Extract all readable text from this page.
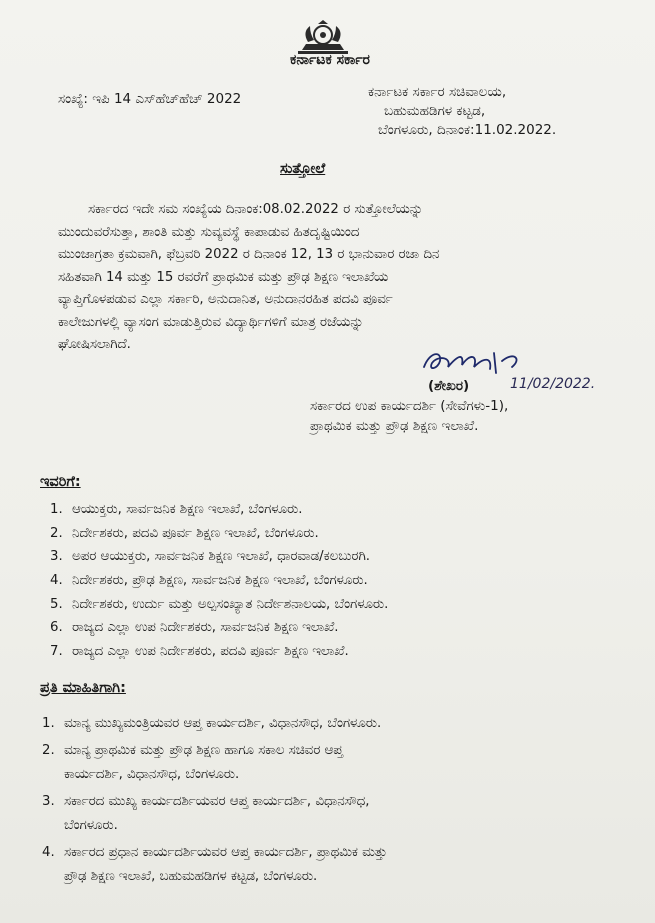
ಕರ್ನಾಟಕ ಸರ್ಕಾರ
ಸಂಖ್ಯೆ: ಇಪಿ 14 ಎಸ್‌ಹೆಚ್‌ಹೆಚ್ 2022	ಕರ್ನಾಟಕ ಸರ್ಕಾರ ಸಚಿವಾಲಯ,
ಬಹುಮಹಡಿಗಳ ಕಟ್ಟಡ,
ಬೆಂಗಳೂರು, ದಿನಾಂಕ:11.02.2022.
ಸುತ್ತೋಲೆ
ಸರ್ಕಾರದ ಇದೇ ಸಮ ಸಂಖ್ಯೆಯ ದಿನಾಂಕ:08.02.2022 ರ ಸುತ್ತೋಲೆಯನ್ನು
ಮುಂದುವರೆಸುತ್ತಾ, ಶಾಂತಿ ಮತ್ತು ಸುವ್ಯವಸ್ಥೆ ಕಾಪಾಡುವ ಹಿತದೃಷ್ಟಿಯಿಂದ
ಮುಂಜಾಗ್ರತಾ ಕ್ರಮವಾಗಿ, ಫೆಬ್ರವರಿ 2022 ರ ದಿನಾಂಕ 12, 13 ರ ಭಾನುವಾರ ರಜಾ ದಿನ
ಸಹಿತವಾಗಿ 14 ಮತ್ತು 15 ರವರೆಗೆ ಪ್ರಾಥಮಿಕ ಮತ್ತು ಪ್ರೌಢ ಶಿಕ್ಷಣ ಇಲಾಖೆಯ
ವ್ಯಾಪ್ತಿಗೊಳಪಡುವ ಎಲ್ಲಾ ಸರ್ಕಾರಿ, ಅನುದಾನಿತ, ಅನುದಾನರಹಿತ ಪದವಿ ಪೂರ್ವ
ಕಾಲೇಜುಗಳಲ್ಲಿ ವ್ಯಾಸಂಗ ಮಾಡುತ್ತಿರುವ ವಿದ್ಯಾರ್ಥಿಗಳಿಗೆ ಮಾತ್ರ ರಜೆಯನ್ನು
ಘೋಷಿಸಲಾಗಿದೆ.
11/02/2022.
(ಶೇಖರ)
ಸರ್ಕಾರದ ಉಪ ಕಾರ್ಯದರ್ಶಿ (ಸೇವೆಗಳು-1),
ಪ್ರಾಥಮಿಕ ಮತ್ತು ಪ್ರೌಢ ಶಿಕ್ಷಣ ಇಲಾಖೆ.
ಇವರಿಗೆ:
1. ಆಯುಕ್ತರು, ಸಾರ್ವಜನಿಕ ಶಿಕ್ಷಣ ಇಲಾಖೆ, ಬೆಂಗಳೂರು.
2. ನಿರ್ದೇಶಕರು, ಪದವಿ ಪೂರ್ವ ಶಿಕ್ಷಣ ಇಲಾಖೆ, ಬೆಂಗಳೂರು.
3. ಅಪರ ಆಯುಕ್ತರು, ಸಾರ್ವಜನಿಕ ಶಿಕ್ಷಣ ಇಲಾಖೆ, ಧಾರವಾಡ/ಕಲಬುರಗಿ.
4. ನಿರ್ದೇಶಕರು, ಪ್ರೌಢ ಶಿಕ್ಷಣ, ಸಾರ್ವಜನಿಕ ಶಿಕ್ಷಣ ಇಲಾಖೆ, ಬೆಂಗಳೂರು.
5. ನಿರ್ದೇಶಕರು, ಉರ್ದು ಮತ್ತು ಅಲ್ಪಸಂಖ್ಯಾತ ನಿರ್ದೇಶನಾಲಯ, ಬೆಂಗಳೂರು.
6. ರಾಜ್ಯದ ಎಲ್ಲಾ ಉಪ ನಿರ್ದೇಶಕರು, ಸಾರ್ವಜನಿಕ ಶಿಕ್ಷಣ ಇಲಾಖೆ.
7. ರಾಜ್ಯದ ಎಲ್ಲಾ ಉಪ ನಿರ್ದೇಶಕರು, ಪದವಿ ಪೂರ್ವ ಶಿಕ್ಷಣ ಇಲಾಖೆ.
ಪ್ರತಿ ಮಾಹಿತಿಗಾಗಿ:
1. ಮಾನ್ಯ ಮುಖ್ಯಮಂತ್ರಿಯವರ ಆಪ್ತ ಕಾರ್ಯದರ್ಶಿ, ವಿಧಾನಸೌಧ, ಬೆಂಗಳೂರು.
2. ಮಾನ್ಯ ಪ್ರಾಥಮಿಕ ಮತ್ತು ಪ್ರೌಢ ಶಿಕ್ಷಣ ಹಾಗೂ ಸಕಾಲ ಸಚಿವರ ಆಪ್ತ
ಕಾರ್ಯದರ್ಶಿ, ವಿಧಾನಸೌಧ, ಬೆಂಗಳೂರು.
3. ಸರ್ಕಾರದ ಮುಖ್ಯ ಕಾರ್ಯದರ್ಶಿಯವರ ಆಪ್ತ ಕಾರ್ಯದರ್ಶಿ, ವಿಧಾನಸೌಧ,
ಬೆಂಗಳೂರು.
4. ಸರ್ಕಾರದ ಪ್ರಧಾನ ಕಾರ್ಯದರ್ಶಿಯವರ ಆಪ್ತ ಕಾರ್ಯದರ್ಶಿ, ಪ್ರಾಥಮಿಕ ಮತ್ತು
ಪ್ರೌಢ ಶಿಕ್ಷಣ ಇಲಾಖೆ, ಬಹುಮಹಡಿಗಳ ಕಟ್ಟಡ, ಬೆಂಗಳೂರು.
